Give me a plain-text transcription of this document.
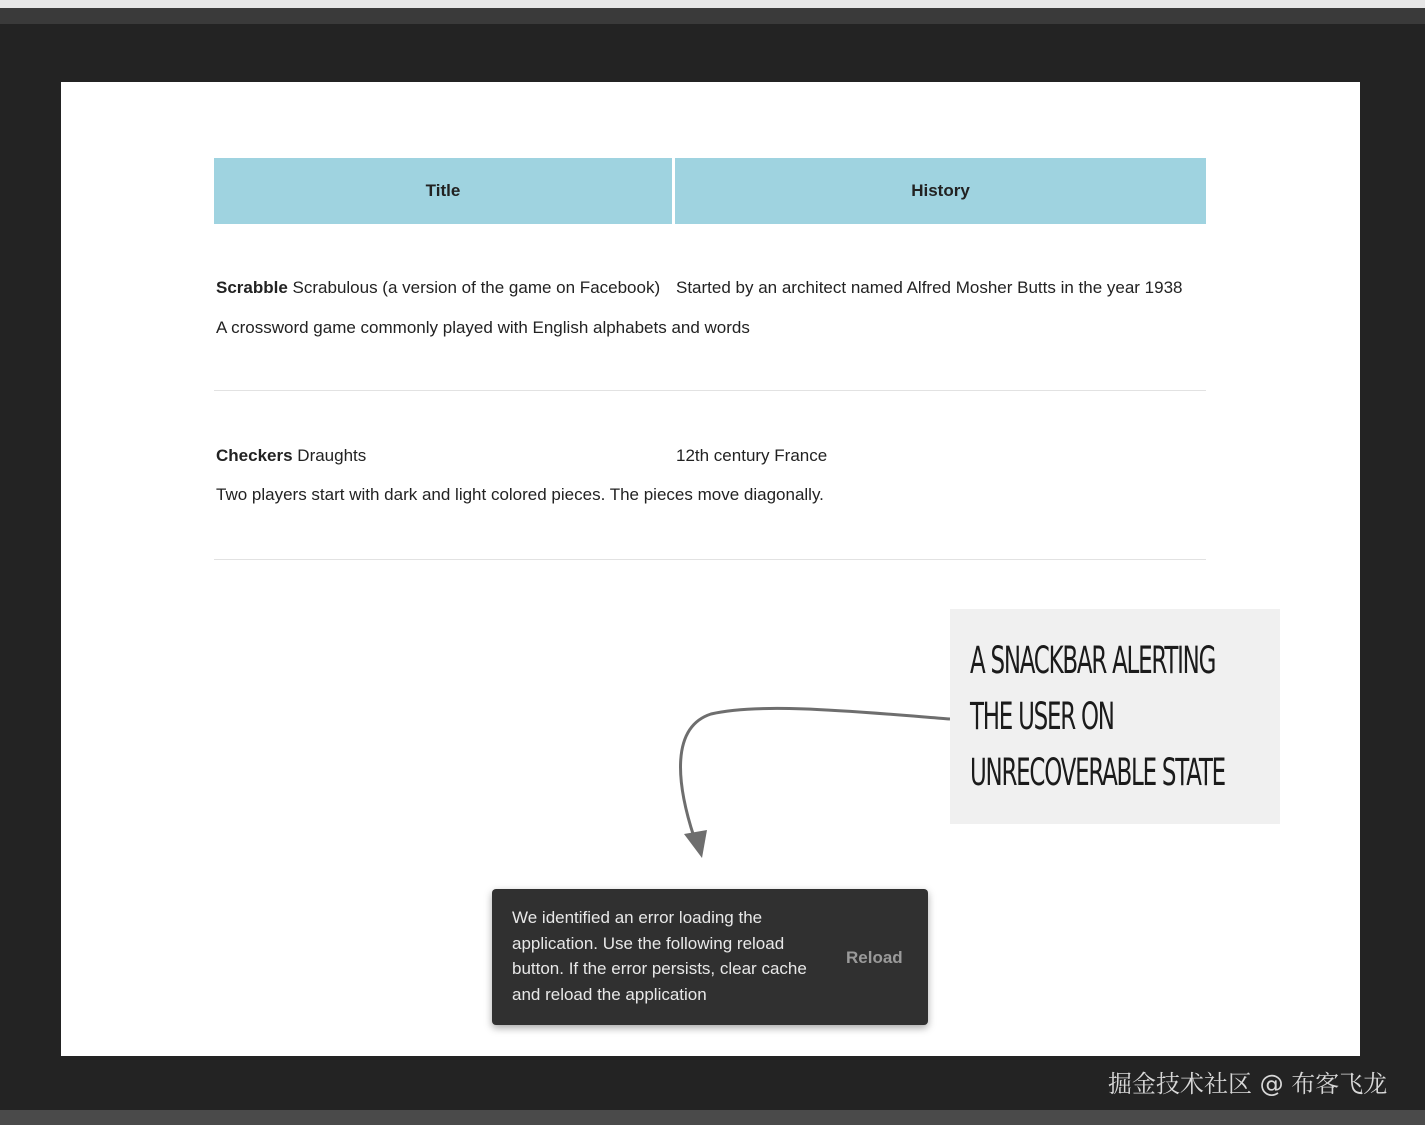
Title	History
Scrabble Scrabulous (a version of the game on Facebook) Started by an architect named Alfred Mosher Butts in the year 1938
A crossword game commonly played with English alphabets and words
Checkers Draughts	12th century France
Two players start with dark and light colored pieces. The pieces move diagonally.
A SNACKBAR ALERTING
THE USER ON
UNRECOVERABLE STATE
We identified an error loading the application. Use the following reload button. If the error persists, clear cache and reload the application
Reload
掘金技术社区 @ 布客飞龙
